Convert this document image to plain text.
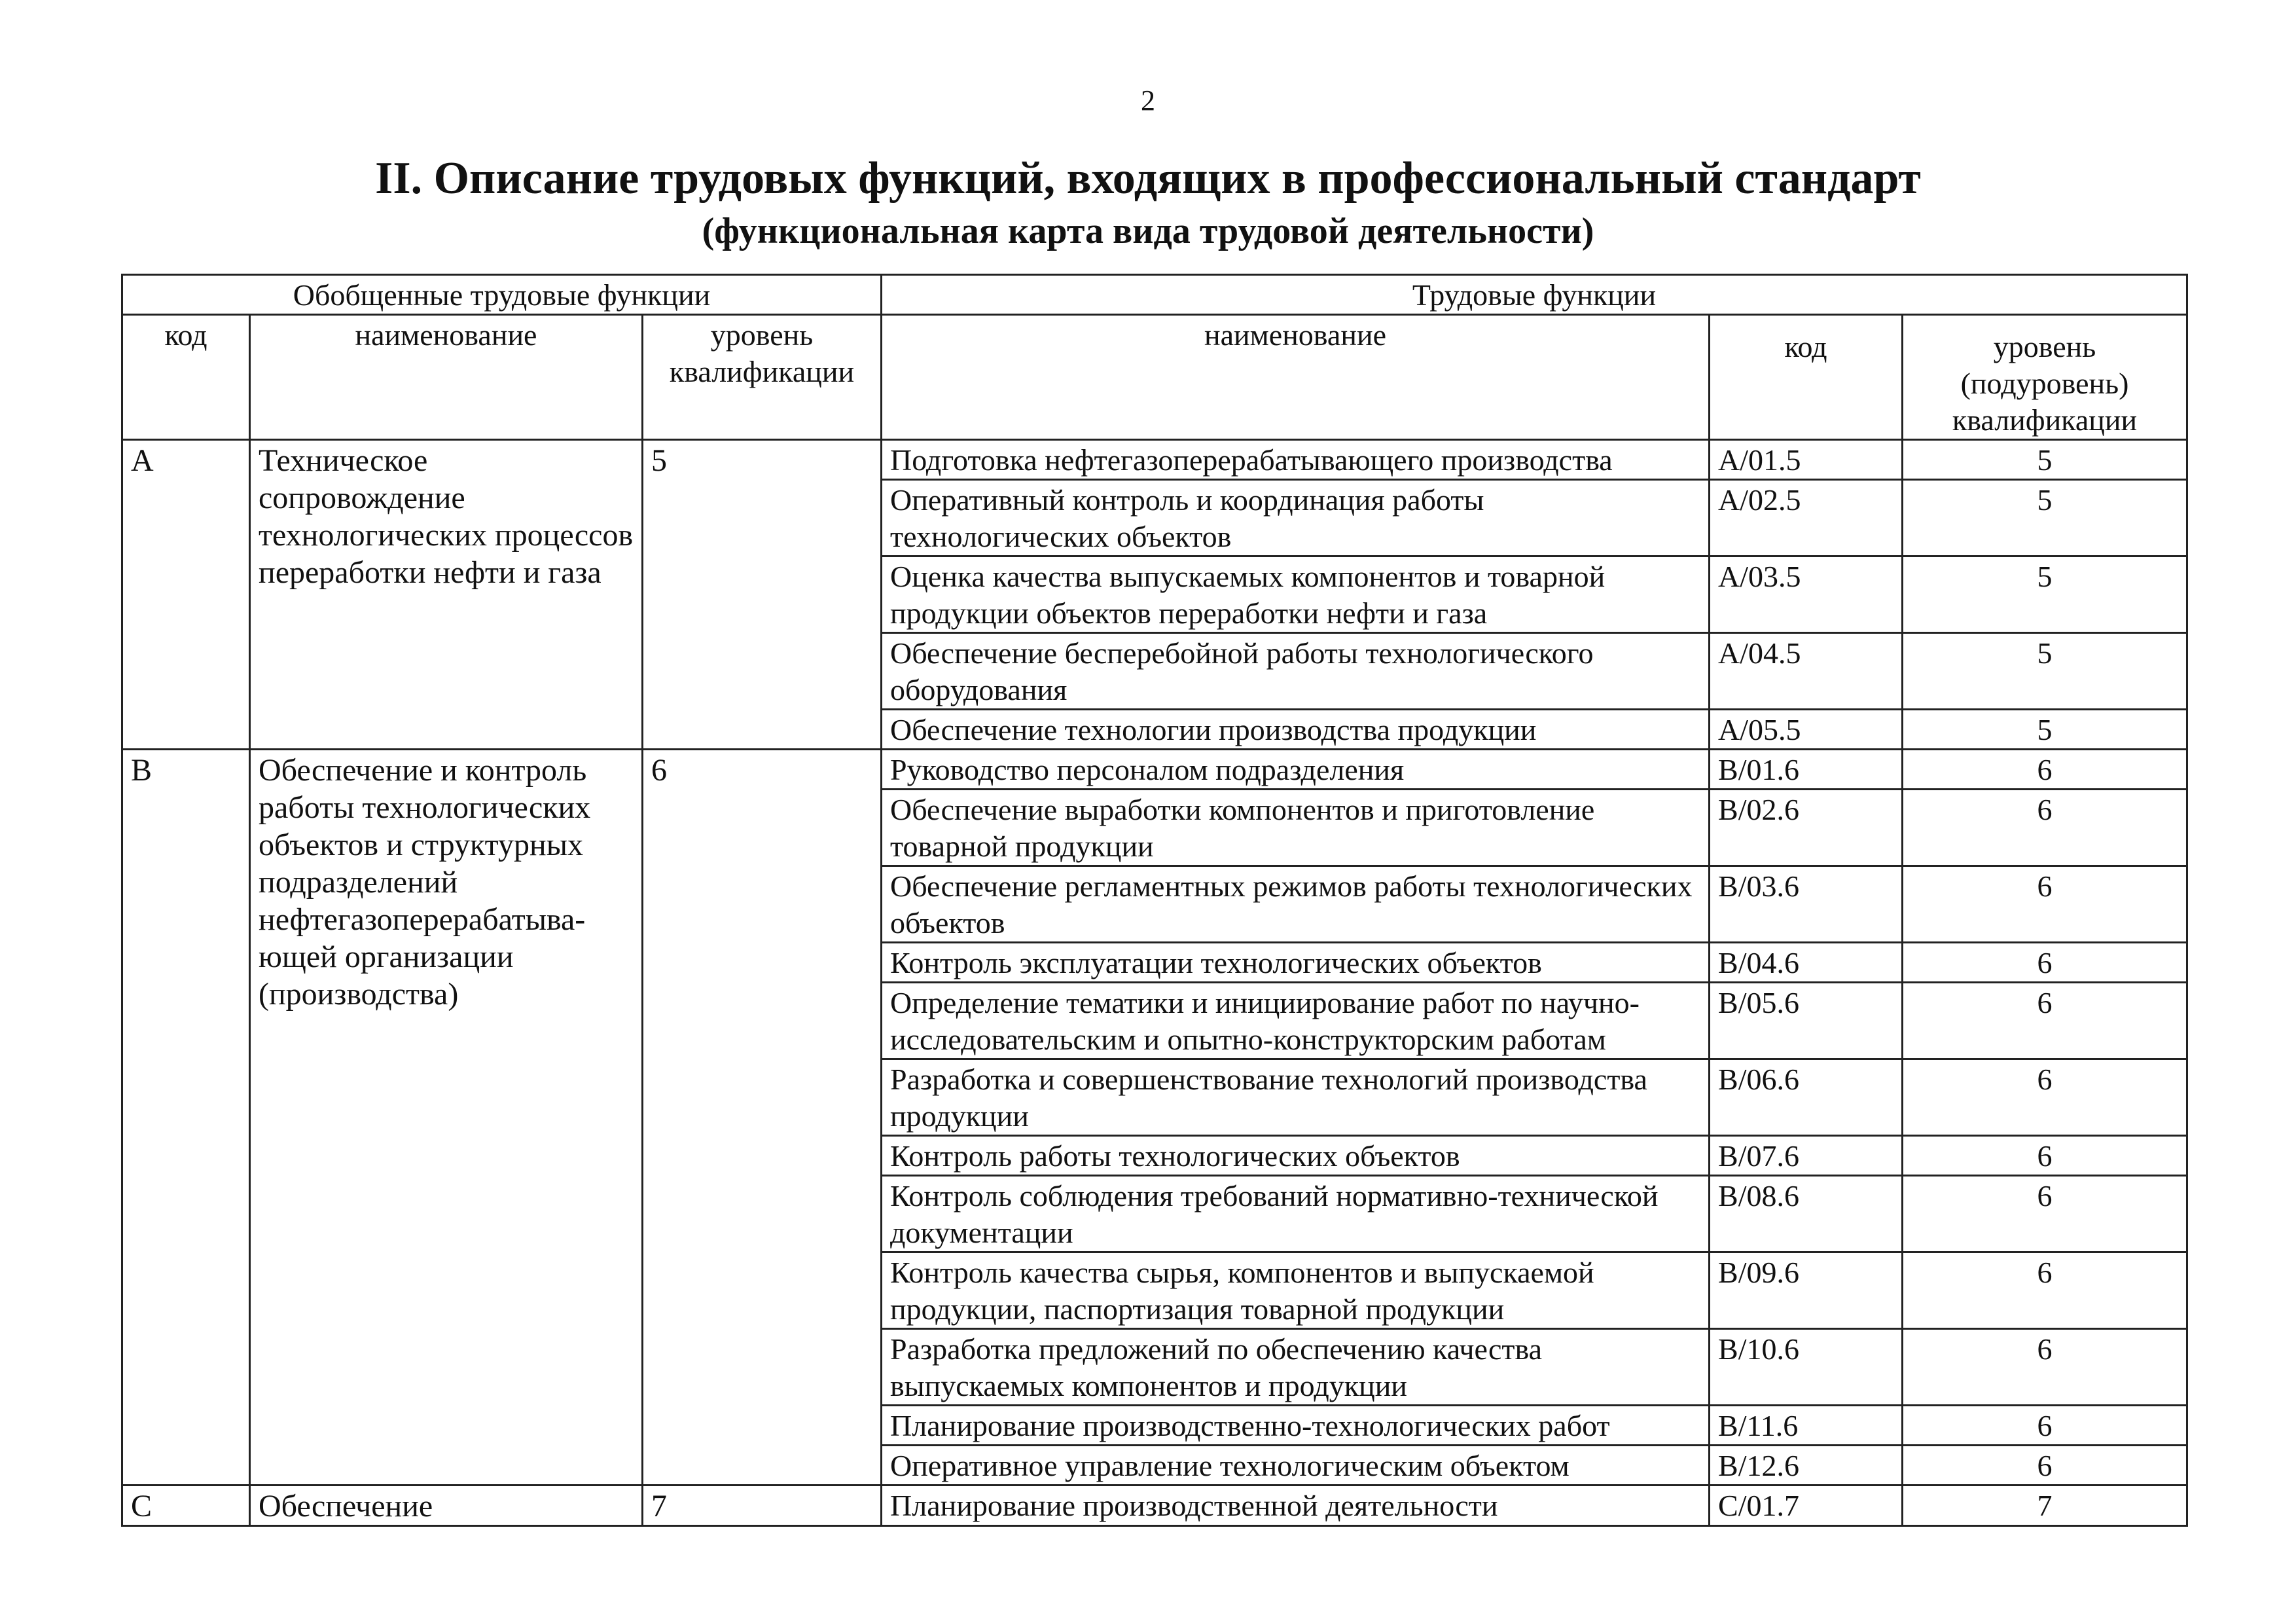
2
II. Описание трудовых функций, входящих в профессиональный стандарт
(функциональная карта вида трудовой деятельности)
Обобщенные трудовые функции			Трудовые функции		
код	наименование	уровень квалификации	наименование	код	уровень (подуровень) квалификации
A	Техническое сопровождение технологических процессов переработки нефти и газа	5	Подготовка нефтегазоперерабатывающего производства	A/01.5	5
			Оперативный контроль и координация работы технологических объектов	A/02.5	5
			Оценка качества выпускаемых компонентов и товарной продукции объектов переработки нефти и газа	A/03.5	5
			Обеспечение бесперебойной работы технологического оборудования	A/04.5	5
			Обеспечение технологии производства продукции	A/05.5	5
B	Обеспечение и контроль работы технологических объектов и структурных подразделений нефтегазоперерабатыва-ющей организации (производства)	6	Руководство персоналом подразделения	B/01.6	6
			Обеспечение выработки компонентов и приготовление товарной продукции	B/02.6	6
			Обеспечение регламентных режимов работы технологических объектов	B/03.6	6
			Контроль эксплуатации технологических объектов	B/04.6	6
			Определение тематики и инициирование работ по научно-исследовательским и опытно-конструкторским работам	B/05.6	6
			Разработка и совершенствование технологий производства продукции	B/06.6	6
			Контроль работы технологических объектов	B/07.6	6
			Контроль соблюдения требований нормативно-технической документации	B/08.6	6
			Контроль качества сырья, компонентов и выпускаемой продукции, паспортизация товарной продукции	B/09.6	6
			Разработка предложений по обеспечению качества выпускаемых компонентов и продукции	B/10.6	6
			Планирование производственно-технологических работ	B/11.6	6
			Оперативное управление технологическим объектом	B/12.6	6
C	Обеспечение	7	Планирование производственной деятельности	C/01.7	7
